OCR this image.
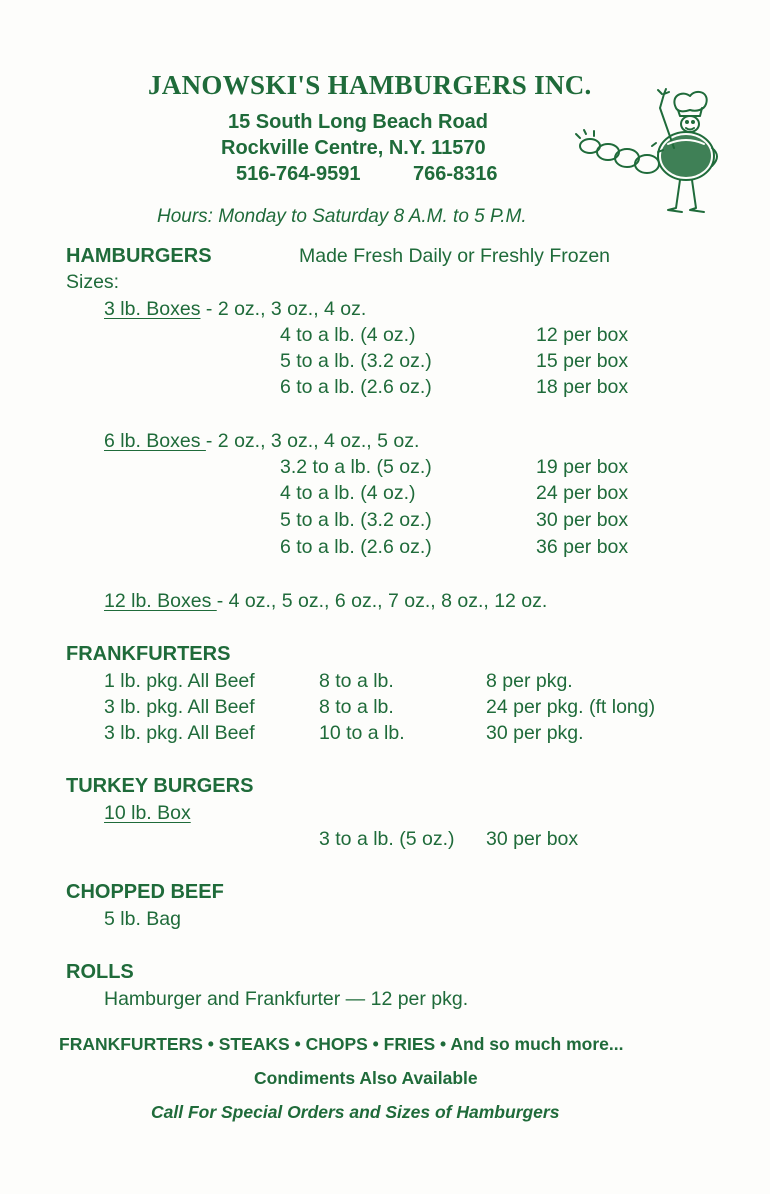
JANOWSKI'S HAMBURGERS INC.
15 South Long Beach Road
Rockville Centre, N.Y. 11570
516-764-9591	766-8316
Hours: Monday to Saturday 8 A.M. to 5 P.M.
HAMBURGERS	Made Fresh Daily or Freshly Frozen
Sizes:
3 lb. Boxes - 2 oz., 3 oz., 4 oz.
4 to a lb. (4 oz.)	12 per box
5 to a lb. (3.2 oz.)	15 per box
6 to a lb. (2.6 oz.)	18 per box
6 lb. Boxes - 2 oz., 3 oz., 4 oz., 5 oz.
3.2 to a lb. (5 oz.)	19 per box
4 to a lb. (4 oz.)	24 per box
5 to a lb. (3.2 oz.)	30 per box
6 to a lb. (2.6 oz.)	36 per box
12 lb. Boxes - 4 oz., 5 oz., 6 oz., 7 oz., 8 oz., 12 oz.
FRANKFURTERS
1 lb. pkg. All Beef	8 to a lb.	8 per pkg.
3 lb. pkg. All Beef	8 to a lb.	24 per pkg. (ft long)
3 lb. pkg. All Beef	10 to a lb.	30 per pkg.
TURKEY BURGERS
10 lb. Box
3 to a lb. (5 oz.) 30 per box
CHOPPED BEEF
5 lb. Bag
ROLLS
Hamburger and Frankfurter — 12 per pkg.
FRANKFURTERS • STEAKS • CHOPS • FRIES • And so much more...
Condiments Also Available
Call For Special Orders and Sizes of Hamburgers
